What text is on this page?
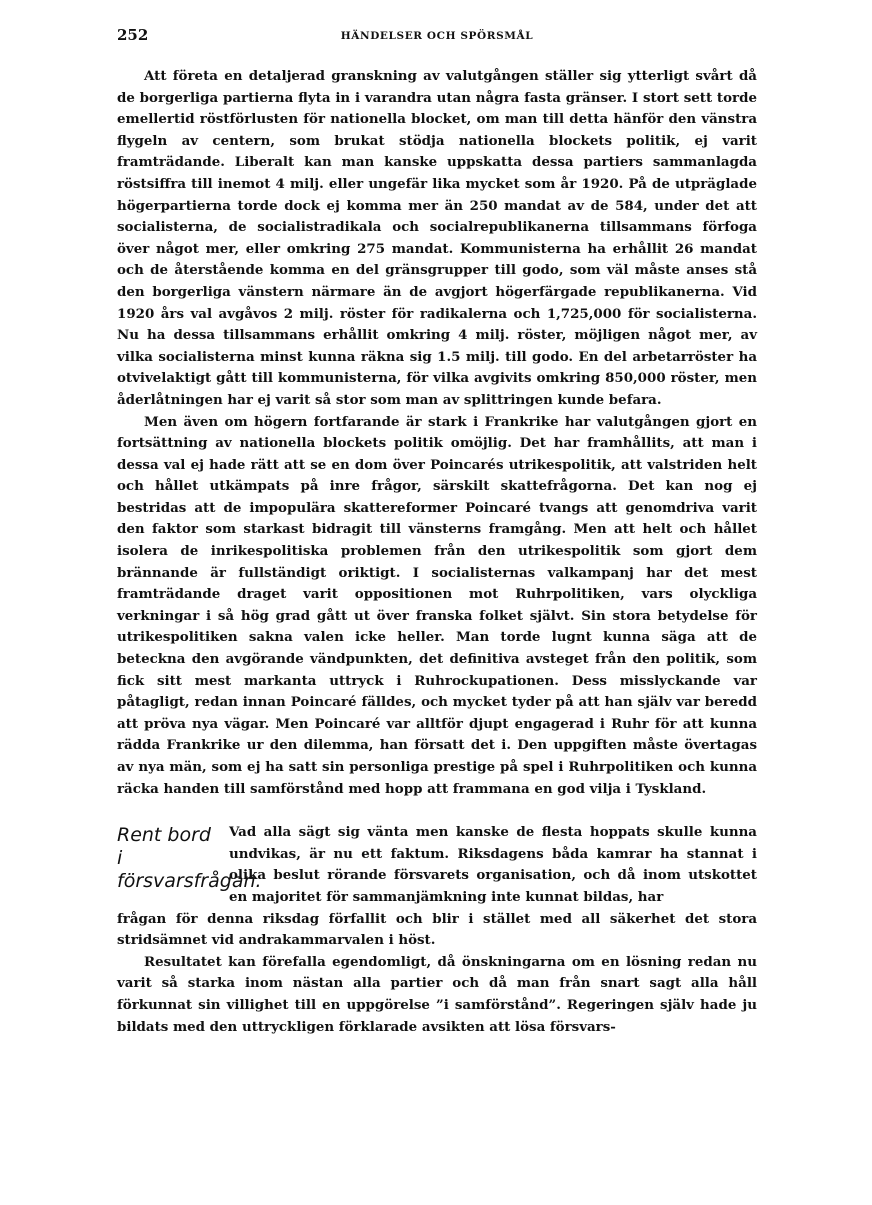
252	HÄNDELSER OCH SPÖRSMÅL

Att företa en detaljerad granskning av valutgången ställer sig ytterligt svårt då de borgerliga partierna flyta in i varandra utan några fasta gränser. I stort sett torde emellertid röstförlusten för nationella blocket, om man till detta hänför den vänstra flygeln av centern, som brukat stödja nationella blockets politik, ej varit framträdande. Liberalt kan man kanske uppskatta dessa partiers sammanlagda röstsiffra till inemot 4 milj. eller ungefär lika mycket som år 1920. På de utpräglade högerpartierna torde dock ej komma mer än 250 mandat av de 584, under det att socialisterna, de socialistradikala och socialrepublikanerna tillsammans förfoga över något mer, eller omkring 275 mandat. Kommunisterna ha erhållit 26 mandat och de återstående komma en del gränsgrupper till godo, som väl måste anses stå den borgerliga vänstern närmare än de avgjort högerfärgade republikanerna. Vid 1920 års val avgåvos 2 milj. röster för radikalerna och 1,725,000 för socialisterna. Nu ha dessa tillsammans erhållit omkring 4 milj. röster, möjligen något mer, av vilka socialisterna minst kunna räkna sig 1.5 milj. till godo. En del arbetarröster ha otvivelaktigt gått till kommunisterna, för vilka avgivits omkring 850,000 röster, men åderlåtningen har ej varit så stor som man av splittringen kunde befara.

Men även om högern fortfarande är stark i Frankrike har valutgången gjort en fortsättning av nationella blockets politik omöjlig. Det har framhållits, att man i dessa val ej hade rätt att se en dom över Poincarés utrikespolitik, att valstriden helt och hållet utkämpats på inre frågor, särskilt skattefrågorna. Det kan nog ej bestridas att de impopulära skattereformer Poincaré tvangs att genomdriva varit den faktor som starkast bidragit till vänsterns framgång. Men att helt och hållet isolera de inrikespolitiska problemen från den utrikespolitik som gjort dem brännande är fullständigt oriktigt. I socialisternas valkampanj har det mest framträdande draget varit oppositionen mot Ruhrpolitiken, vars olyckliga verkningar i så hög grad gått ut över franska folket självt. Sin stora betydelse för utrikespolitiken sakna valen icke heller. Man torde lugnt kunna säga att de beteckna den avgörande vändpunkten, det definitiva avsteget från den politik, som fick sitt mest markanta uttryck i Ruhrockupationen. Dess misslyckande var påtagligt, redan innan Poincaré fälldes, och mycket tyder på att han själv var beredd att pröva nya vägar. Men Poincaré var alltför djupt engagerad i Ruhr för att kunna rädda Frankrike ur den dilemma, han försatt det i. Den uppgiften måste övertagas av nya män, som ej ha satt sin personliga prestige på spel i Ruhrpolitiken och kunna räcka handen till samförstånd med hopp att frammana en god vilja i Tyskland.

Rent bord i försvarsfrågan.

Vad alla sägt sig vänta men kanske de flesta hoppats skulle kunna undvikas, är nu ett faktum. Riksdagens båda kamrar ha stannat i olika beslut rörande försvarets organisation, och då inom utskottet en majoritet för sammanjämkning inte kunnat bildas, har

frågan för denna riksdag förfallit och blir i stället med all säkerhet det stora stridsämnet vid andrakammarvalen i höst.

Resultatet kan förefalla egendomligt, då önskningarna om en lösning redan nu varit så starka inom nästan alla partier och då man från snart sagt alla håll förkunnat sin villighet till en uppgörelse ”i samförstånd”. Regeringen själv hade ju bildats med den uttryckligen förklarade avsikten att lösa försvars-
